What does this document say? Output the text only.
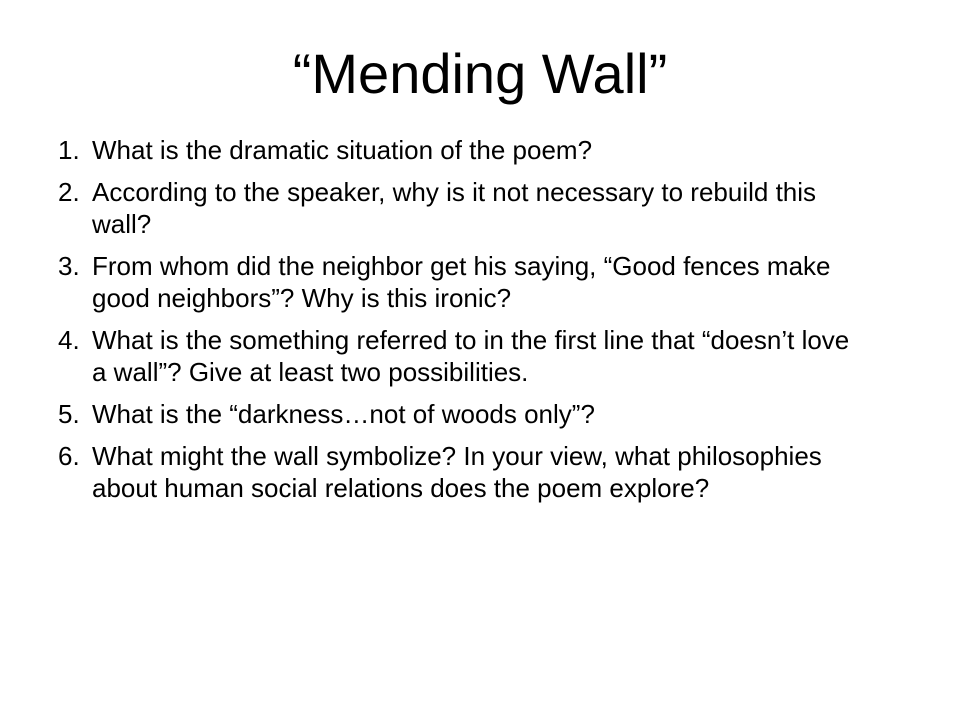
“Mending Wall”
1. What is the dramatic situation of the poem?
2. According to the speaker, why is it not necessary to rebuild this wall?
3. From whom did the neighbor get his saying, “Good fences make good neighbors”? Why is this ironic?
4. What is the something referred to in the first line that “doesn’t love a wall”? Give at least two possibilities.
5. What is the “darkness…not of woods only”?
6. What might the wall symbolize? In your view, what philosophies about human social relations does the poem explore?
